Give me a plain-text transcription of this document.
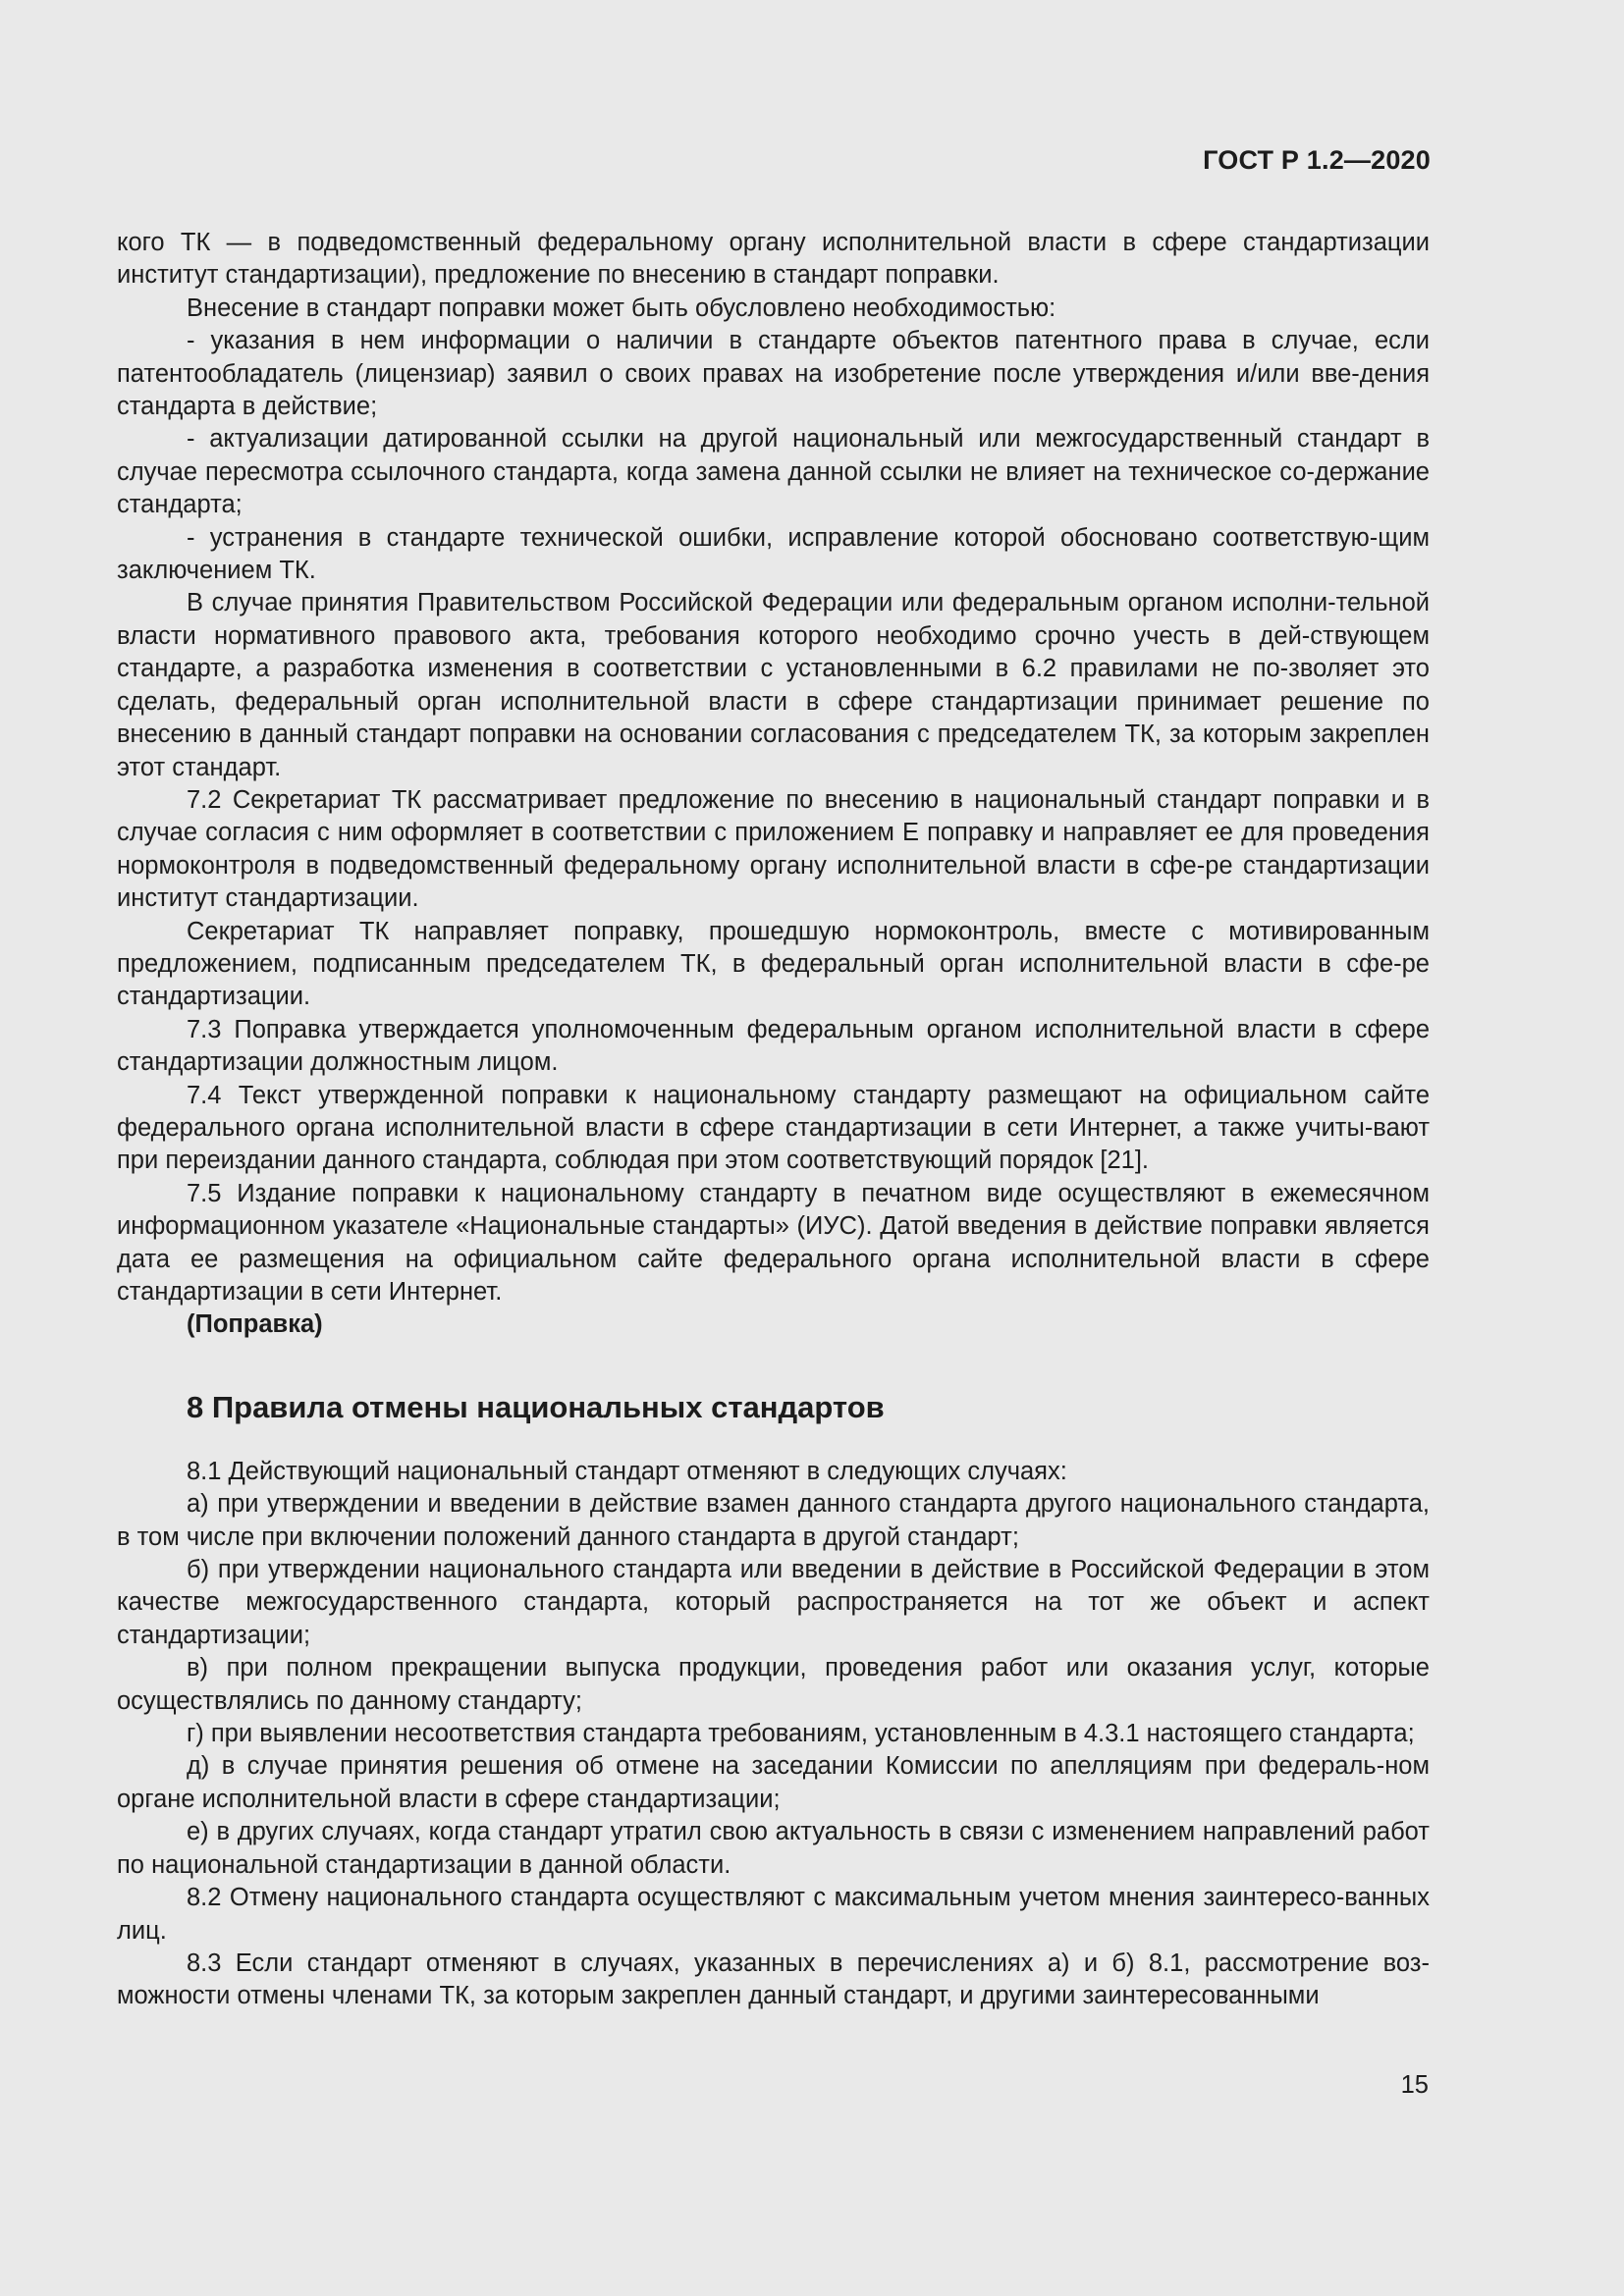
ГОСТ Р 1.2—2020

кого ТК — в подведомственный федеральному органу исполнительной власти в сфере стандартизации институт стандартизации), предложение по внесению в стандарт поправки.

Внесение в стандарт поправки может быть обусловлено необходимостью:

- указания в нем информации о наличии в стандарте объектов патентного права в случае, если патентообладатель (лицензиар) заявил о своих правах на изобретение после утверждения и/или вве-дения стандарта в действие;

- актуализации датированной ссылки на другой национальный или межгосударственный стандарт в случае пересмотра ссылочного стандарта, когда замена данной ссылки не влияет на техническое со-держание стандарта;

- устранения в стандарте технической ошибки, исправление которой обосновано соответствую-щим заключением ТК.

В случае принятия Правительством Российской Федерации или федеральным органом исполни-тельной власти нормативного правового акта, требования которого необходимо срочно учесть в дей-ствующем стандарте, а разработка изменения в соответствии с установленными в 6.2 правилами не по-зволяет это сделать, федеральный орган исполнительной власти в сфере стандартизации принимает решение по внесению в данный стандарт поправки на основании согласования с председателем ТК, за которым закреплен этот стандарт.

7.2 Секретариат ТК рассматривает предложение по внесению в национальный стандарт поправки и в случае согласия с ним оформляет в соответствии с приложением Е поправку и направляет ее для проведения нормоконтроля в подведомственный федеральному органу исполнительной власти в сфе-ре стандартизации институт стандартизации.

Секретариат ТК направляет поправку, прошедшую нормоконтроль, вместе с мотивированным предложением, подписанным председателем ТК, в федеральный орган исполнительной власти в сфе-ре стандартизации.

7.3 Поправка утверждается уполномоченным федеральным органом исполнительной власти в сфере стандартизации должностным лицом.

7.4 Текст утвержденной поправки к национальному стандарту размещают на официальном сайте федерального органа исполнительной власти в сфере стандартизации в сети Интернет, а также учиты-вают при переиздании данного стандарта, соблюдая при этом соответствующий порядок [21].

7.5 Издание поправки к национальному стандарту в печатном виде осуществляют в ежемесячном информационном указателе «Национальные стандарты» (ИУС). Датой введения в действие поправки является дата ее размещения на официальном сайте федерального органа исполнительной власти в сфере стандартизации в сети Интернет.

(Поправка)

8 Правила отмены национальных стандартов

8.1 Действующий национальный стандарт отменяют в следующих случаях:

а) при утверждении и введении в действие взамен данного стандарта другого национального стандарта, в том числе при включении положений данного стандарта в другой стандарт;

б) при утверждении национального стандарта или введении в действие в Российской Федерации в этом качестве межгосударственного стандарта, который распространяется на тот же объект и аспект стандартизации;

в) при полном прекращении выпуска продукции, проведения работ или оказания услуг, которые осуществлялись по данному стандарту;

г) при выявлении несоответствия стандарта требованиям, установленным в 4.3.1 настоящего стандарта;

д) в случае принятия решения об отмене на заседании Комиссии по апелляциям при федераль-ном органе исполнительной власти в сфере стандартизации;

е) в других случаях, когда стандарт утратил свою актуальность в связи с изменением направлений работ по национальной стандартизации в данной области.

8.2 Отмену национального стандарта осуществляют с максимальным учетом мнения заинтересо-ванных лиц.

8.3 Если стандарт отменяют в случаях, указанных в перечислениях а) и б) 8.1, рассмотрение воз-можности отмены членами ТК, за которым закреплен данный стандарт, и другими заинтересованными

15
